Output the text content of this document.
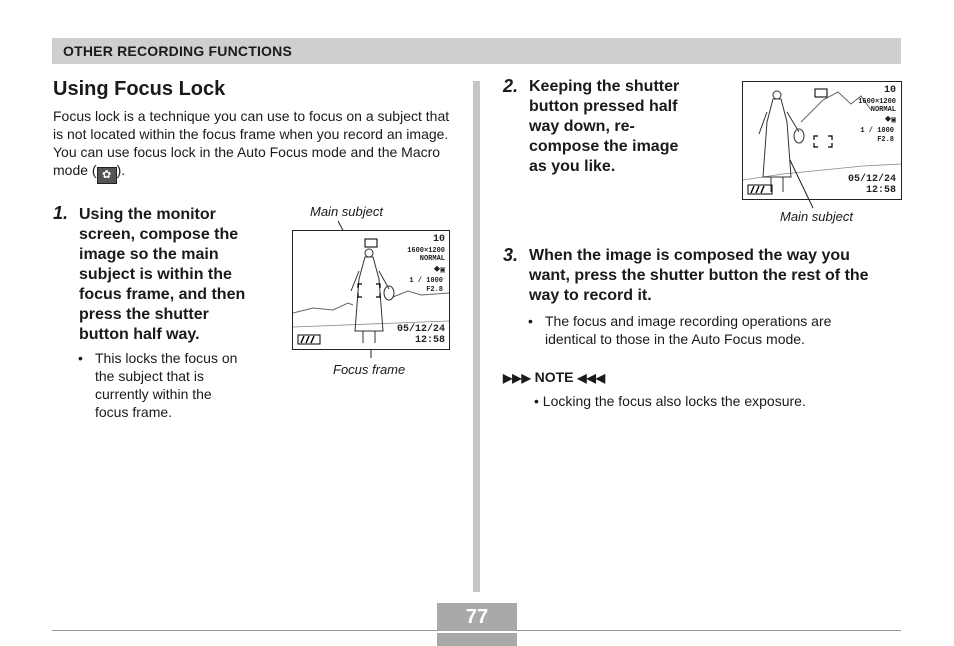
OTHER RECORDING FUNCTIONS
Using Focus Lock
Focus lock is a technique you can use to focus on a subject that is not located within the focus frame when you record an image. You can use focus lock in the Auto Focus mode and the Macro mode ( ✿ ).
1. Using the monitor
screen, compose the
image so the main
subject is within the
focus frame, and then
press the shutter
button half way.
• This locks the focus on
the subject that is
currently within the
focus frame.
Main subject
Focus frame
10
1600×1200
NORMAL
⯁▣
1 / 1000
F2.8
05/12/24
12:58
2. Keeping the shutter
button pressed half
way down, re-
compose the image
as you like.
10
1600×1200
NORMAL
⯁▣
1 / 1000
F2.8
05/12/24
12:58
Main subject
3. When the image is composed the way you
want, press the shutter button the rest of the
way to record it.
• The focus and image recording operations are
identical to those in the Auto Focus mode.
▶▶▶ NOTE ◀◀◀
• Locking the focus also locks the exposure.
77
